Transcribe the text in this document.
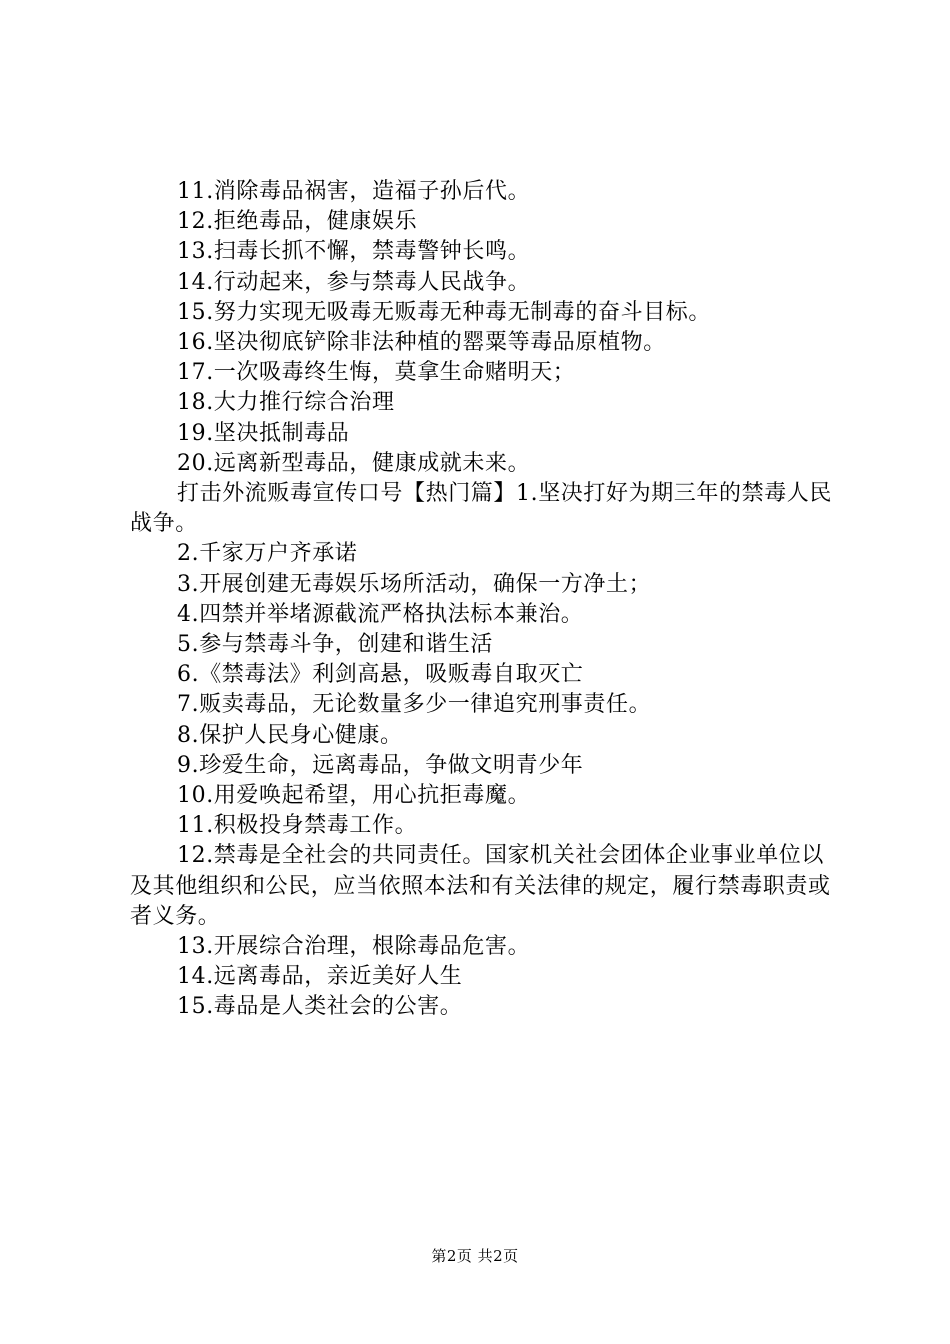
11.消除毒品祸害，造福子孙后代。

12.拒绝毒品，健康娱乐

13.扫毒长抓不懈，禁毒警钟长鸣。

14.行动起来，参与禁毒人民战争。

15.努力实现无吸毒无贩毒无种毒无制毒的奋斗目标。

16.坚决彻底铲除非法种植的罂粟等毒品原植物。

17.一次吸毒终生悔，莫拿生命赌明天；

18.大力推行综合治理

19.坚决抵制毒品

20.远离新型毒品，健康成就未来。

打击外流贩毒宣传口号【热门篇】1.坚决打好为期三年的禁毒人民战争。

2.千家万户齐承诺

3.开展创建无毒娱乐场所活动，确保一方净土；

4.四禁并举堵源截流严格执法标本兼治。

5.参与禁毒斗争，创建和谐生活

6.《禁毒法》利剑高悬，吸贩毒自取灭亡

7.贩卖毒品，无论数量多少一律追究刑事责任。

8.保护人民身心健康。

9.珍爱生命，远离毒品，争做文明青少年

10.用爱唤起希望，用心抗拒毒魔。

11.积极投身禁毒工作。

12.禁毒是全社会的共同责任。国家机关社会团体企业事业单位以及其他组织和公民，应当依照本法和有关法律的规定，履行禁毒职责或者义务。

13.开展综合治理，根除毒品危害。

14.远离毒品，亲近美好人生

15.毒品是人类社会的公害。

第2页 共2页
